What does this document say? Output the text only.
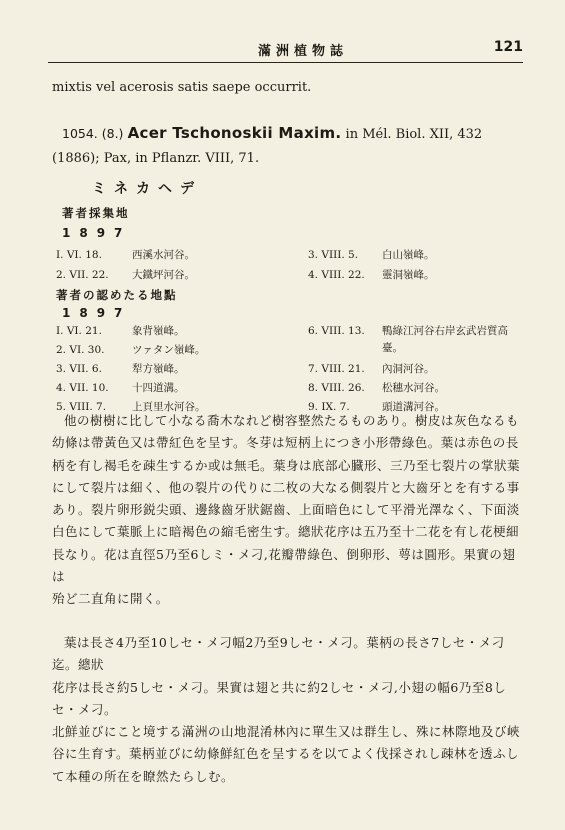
滿洲植物誌	121
mixtis vel acerosis satis saepe occurrit.
1054. (8.) Acer Tschonoskii Maxim. in Mél. Biol. XII, 432
(1886); Pax, in Pflanzr. VIII, 71.
ミネカヘデ
著者採集地
1897
I. VI. 18.	西溪水河谷。
2. VII. 22. 大鐵坪河谷。
3. VIII. 5. 白山嶺峰。
4. VIII. 22. 靈洞嶺峰。
著者の認めたる地點
1897
I. VI. 21.	象背嶺峰。
2. VI. 30.	ツァタン嶺峰。
3. VII. 6.	犁方嶺峰。
4. VII. 10. 十四道溝。
5. VIII. 7. 上頁里水河谷。
6. VIII. 13. 鴨綠江河谷右岸玄武岩質高
臺。
7. VIII. 21. 內洞河谷。
8. VIII. 26. 松穗水河谷。
9. IX. 7.	頭道溝河谷。

他の樹樹に比して小なる喬木なれど樹容整然たるものあり。樹皮は灰色なるも

幼條は帶黃色又は帶紅色を呈す。冬芽は短柄上につき小形帶綠色。葉は赤色の長

柄を有し褐毛を疎生するか或は無毛。葉身は底部心臓形、三乃至七裂片の掌狀葉

にして裂片は細く、他の裂片の代りに二枚の大なる側裂片と大齒牙とを有する事

あり。裂片卵形鋭尖頭、邊緣齒牙狀鋸齒、上面暗色にして平滑光澤なく、下面淡

白色にして葉脈上に暗褐色の縮毛密生す。總狀花序は五乃至十二花を有し花梗細

長なり。花は直徑5乃至6しミ・メ刁,花瓣帶綠色、倒卵形、萼は圓形。果實の翅は

殆ど二直角に開く。

葉は長さ4乃至10しセ・メ刁幅2乃至9しセ・メ刁。葉柄の長さ7しセ・メ刁迄。總狀

花序は長さ約5しセ・メ刁。果實は翅と共に約2しセ・メ刁,小翅の幅6乃至8しセ・メ刁。

北鮮並びにこと境する滿洲の山地混淆林內に單生又は群生し、殊に林際地及び峽

谷に生育す。葉柄並びに幼條鮮紅色を呈するを以てよく伐採されし疎林を透ふし

て本種の所在を瞭然たらしむ。
